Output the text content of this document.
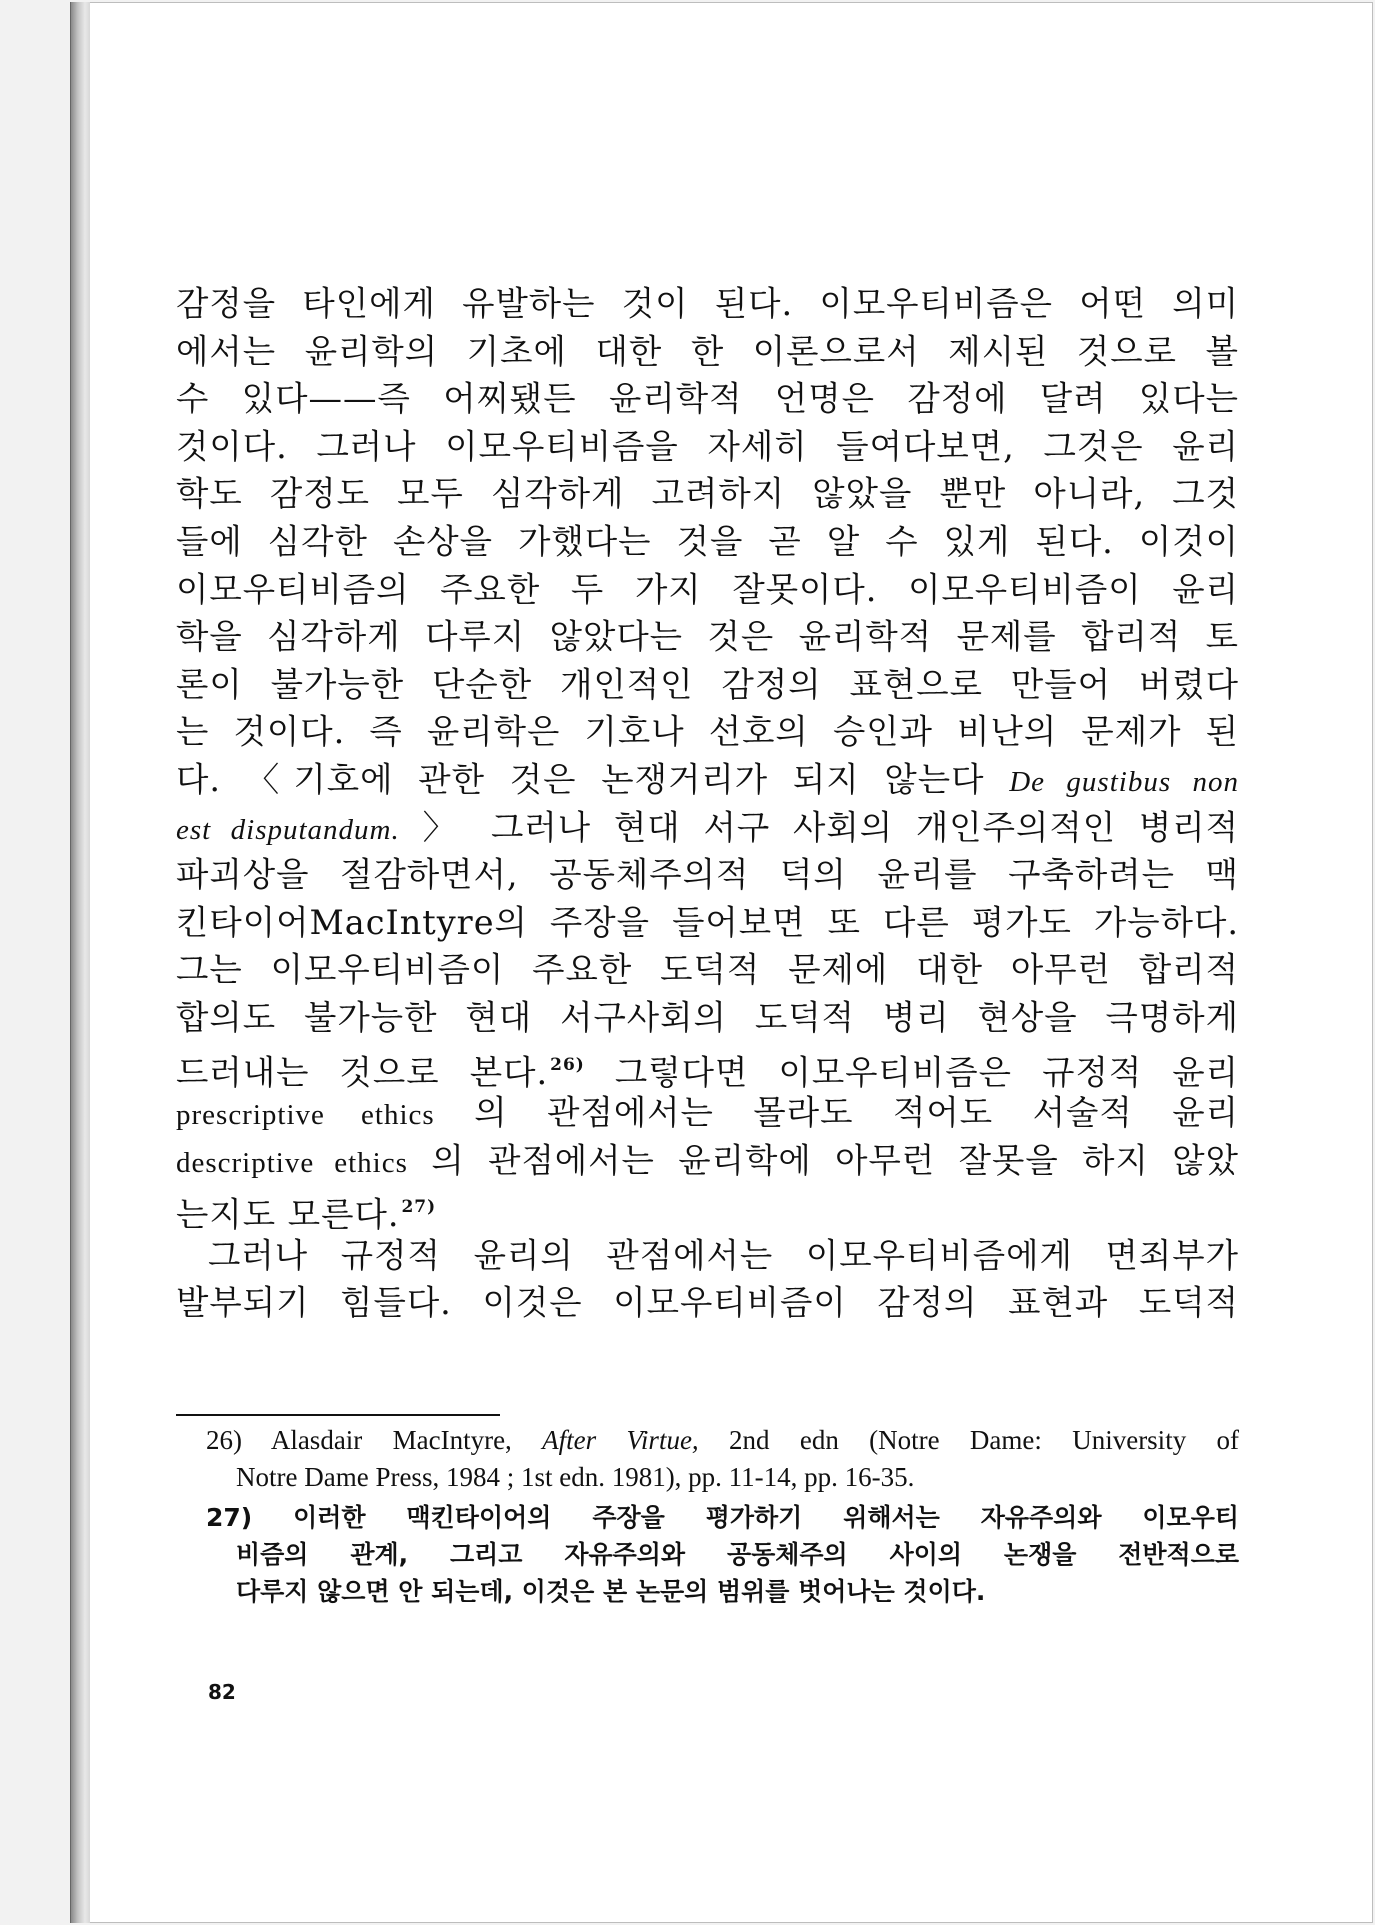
감정을 타인에게 유발하는 것이 된다. 이모우티비즘은 어떤 의미
에서는 윤리학의 기초에 대한 한 이론으로서 제시된 것으로 볼
수 있다——즉 어찌됐든 윤리학적 언명은 감정에 달려 있다는
것이다. 그러나 이모우티비즘을 자세히 들여다보면, 그것은 윤리
학도 감정도 모두 심각하게 고려하지 않았을 뿐만 아니라, 그것
들에 심각한 손상을 가했다는 것을 곧 알 수 있게 된다. 이것이
이모우티비즘의 주요한 두 가지 잘못이다. 이모우티비즘이 윤리
학을 심각하게 다루지 않았다는 것은 윤리학적 문제를 합리적 토
론이 불가능한 단순한 개인적인 감정의 표현으로 만들어 버렸다
는 것이다. 즉 윤리학은 기호나 선호의 승인과 비난의 문제가 된
다. 〈기호에 관한 것은 논쟁거리가 되지 않는다 De gustibus non
est disputandum. 〉 그러나 현대 서구 사회의 개인주의적인 병리적
파괴상을 절감하면서, 공동체주의적 덕의 윤리를 구축하려는 맥
킨타이어MacIntyre의 주장을 들어보면 또 다른 평가도 가능하다.
그는 이모우티비즘이 주요한 도덕적 문제에 대한 아무런 합리적
합의도 불가능한 현대 서구사회의 도덕적 병리 현상을 극명하게
드러내는 것으로 본다. $^{26)}$ 그렇다면 이모우티비즘은 규정적 윤리
prescriptive ethics 의 관점에서는 몰라도 적어도 서술적 윤리
descriptive ethics 의 관점에서는 윤리학에 아무런 잘못을 하지 않았
는지도 모른다. $^{27)}$
그러나 규정적 윤리의 관점에서는 이모우티비즘에게 면죄부가
발부되기 힘들다. 이것은 이모우티비즘이 감정의 표현과 도덕적
26) Alasdair MacIntyre, After Virtue, 2nd edn (Notre Dame: University of
Notre Dame Press, 1984 ; 1st edn. 1981), pp. 11-14, pp. 16-35.
27) 이러한 맥킨타이어의 주장을 평가하기 위해서는 자유주의와 이모우티
비즘의 관계, 그리고 자유주의와 공동체주의 사이의 논쟁을 전반적으로
다루지 않으면 안 되는데, 이것은 본 논문의 범위를 벗어나는 것이다.
82
